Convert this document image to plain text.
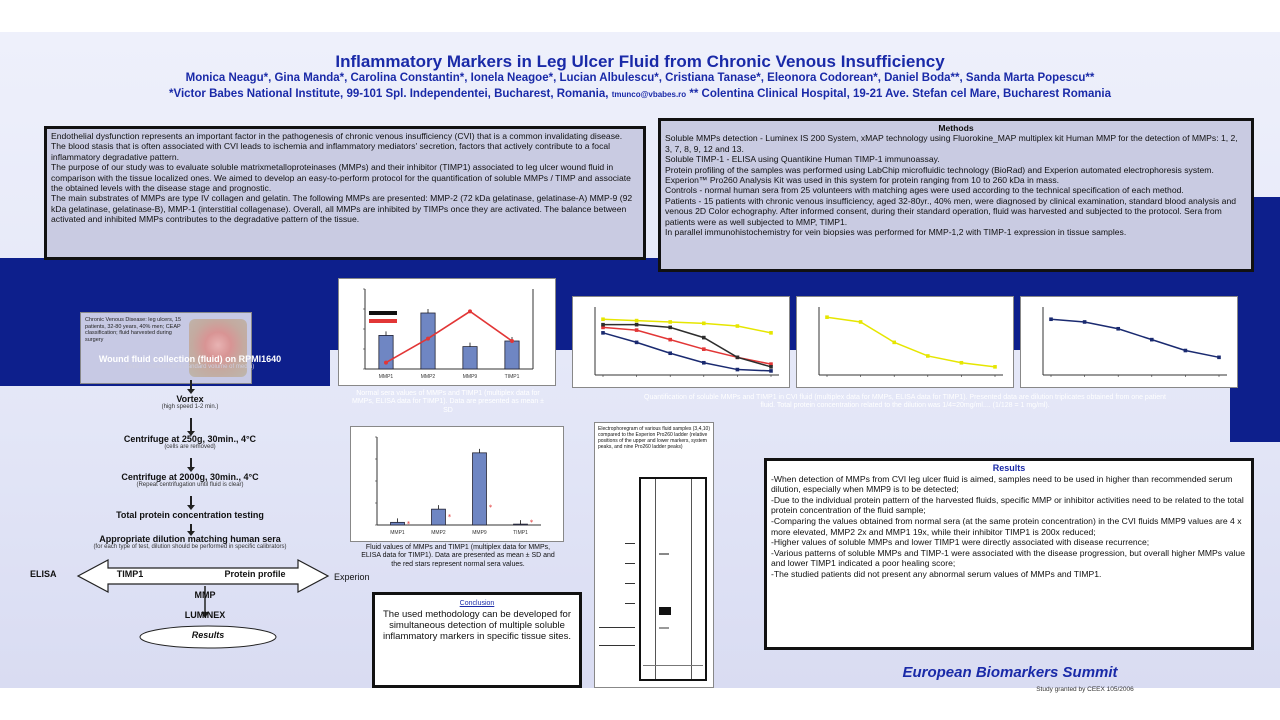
Inflammatory Markers in Leg Ulcer Fluid from Chronic Venous Insufficiency
Monica Neagu*, Gina Manda*, Carolina Constantin*, Ionela Neagoe*, Lucian Albulescu*, Cristiana Tanase*, Eleonora Codorean*, Daniel Boda**, Sanda Marta Popescu**
*Victor Babes National Institute, 99-101 Spl. Independentei, Bucharest, Romania, tmunco@vbabes.ro ** Colentina Clinical Hospital, 19-21 Ave. Stefan cel Mare, Bucharest Romania

Endothelial dysfunction represents an important factor in the pathogenesis of chronic venous insufficiency (CVI) that is a common invalidating disease. The blood stasis that is often associated with CVI leads to ischemia and inflammatory mediators' secretion, factors that actively contribute to a focal inflammatory degradative pattern.

The purpose of our study was to evaluate soluble matrixmetalloproteinases (MMPs) and their inhibitor (TIMP1) associated to leg ulcer wound fluid in comparison with the tissue localized ones. We aimed to develop an easy-to-perform protocol for the quantification of soluble MMPs / TIMP and associate the obtained levels with the disease stage and prognostic.

The main substrates of MMPs are type IV collagen and gelatin. The following MMPs are presented: MMP-2 (72 kDa gelatinase, gelatinase-A) MMP-9 (92 kDa gelatinase, gelatinase-B), MMP-1 (interstitial collagenase). Overall, all MMPs are inhibited by TIMPs once they are activated. The balance between activated and inhibited MMPs contributes to the degradative pattern of the tissue.

Methods

Soluble MMPs detection - Luminex IS 200 System, xMAP technology using Fluorokine_MAP multiplex kit Human MMP for the detection of MMPs: 1, 2, 3, 7, 8, 9, 12 and 13.

Soluble TIMP-1 - ELISA using Quantikine Human TIMP-1 immunoassay.

Protein profiling of the samples was performed using LabChip microfluidic technology (BioRad) and Experion automated electrophoresis system. Experion™ Pro260 Analysis Kit was used in this system for protein ranging from 10 to 260 kDa in mass.

Controls - normal human sera from 25 volunteers with matching ages were used according to the technical specification of each method.

Patients - 15 patients with chronic venous insufficiency, aged 32-80yr., 40% men, were diagnosed by clinical examination, standard blood analysis and venous 2D Color echography. After informed consent, during their standard operation, fluid was harvested and subjected to the protocol. Sera from patients were as well subjected to MMP, TIMP1.

In parallel immunohistochemistry for vein biopsies was performed for MMP-1,2 with TIMP-1 expression in tissue samples.

Chronic Venous Disease: leg ulcers, 15 patients, 32-80 years, 40% men; CEAP classification; fluid harvested during surgery
Wound fluid collection (fluid) on RPMI1640
(fluid is collected in a standard volume of media)
Vortex
(high speed 1-2 min.)
Centrifuge at 250g, 30min., 4°C
(cells are removed)
Centrifuge at 2000g, 30min., 4°C
(Repeat centrifugation until fluid is clear)
Total protein concentration testing
Appropriate dilution matching human sera
(for each type of test, dilution should be performed in specific calibrators)
ELISA	TIMP1	Protein profile	Experion
MMP
LUMINEX
Results
MMP1	MMP2	MMP9	TIMP1
Normal sera values of MMPs and TIMP1 (multiplex data for MMPs, ELISA data for TIMP1). Data are presented as mean ± SD
MMP1	MMP2	MMP9	TIMP1
*
*
*
*
Fluid values of MMPs and TIMP1 (multiplex data for MMPs, ELISA data for TIMP1). Data are presented as mean ± SD and the red stars represent normal sera values.
Quantification of soluble MMPs and TIMP1 in CVI fluid (multiplex data for MMPs, ELISA data for TIMP1). Presented data are dilution triplicates obtained from one patient fluid. Total protein concentration related to the dilution was 1/4=20mg/ml.... (1/128 = 1 mg/ml).
Electrophoregram of various fluid samples (3,4,10) compared to the Experion Pro260 ladder (relative positions of the upper and lower markers, system peaks, and nine Pro260 ladder peaks)
Conclusion
The used methodology can be developed for simultaneous detection of multiple soluble inflammatory markers in specific tissue sites.
Results
-When detection of MMPs from CVI leg ulcer fluid is aimed, samples need to be used in higher than recommended serum dilution, especially when MMP9 is to be detected;
-Due to the individual protein pattern of the harvested fluids, specific MMP or inhibitor activities need to be related to the total protein concentration of the fluid sample;
-Comparing the values obtained from normal sera (at the same protein concentration) in the CVI fluids MMP9 values are 4 x more elevated, MMP2 2x and MMP1 19x, while their inhibitor TIMP1 is 200x reduced;
-Higher values of soluble MMPs and lower TIMP1 were directly associated with disease recurrence;
-Various patterns of soluble MMPs and TIMP-1 were associated with the disease progression, but overall higher MMPs value and lower TIMP1 indicated a poor healing score;
-The studied patients did not present any abnormal serum values of MMPs and TIMP1.
European Biomarkers Summit
Study granted by CEEX 105/2006
